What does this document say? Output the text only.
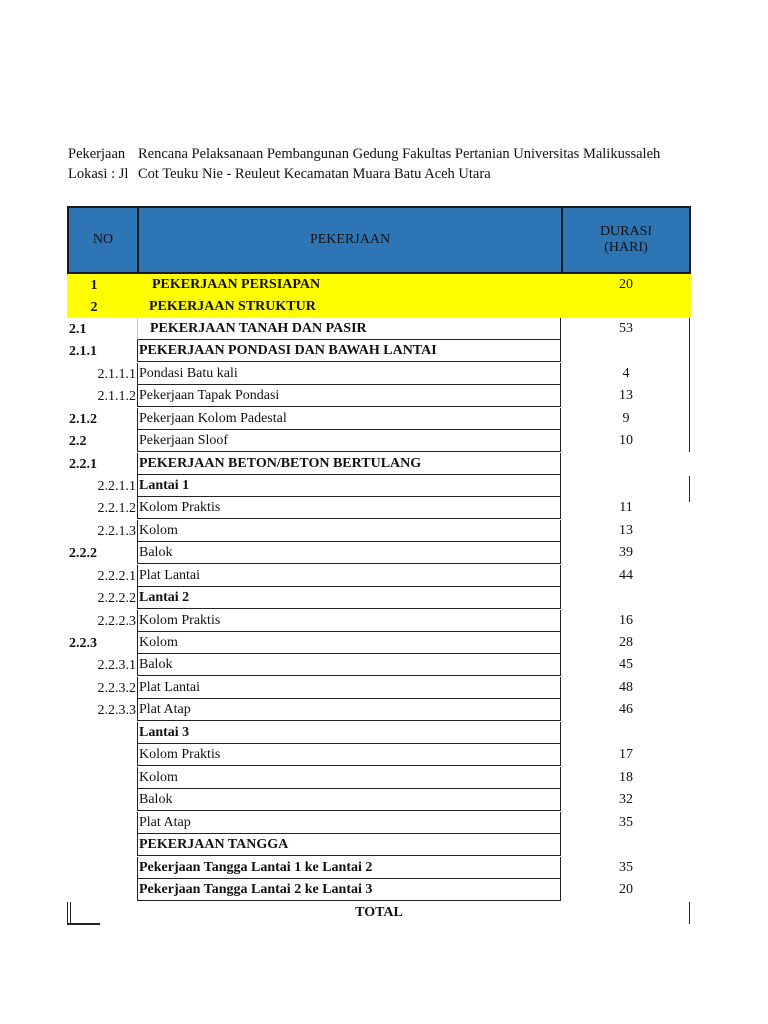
Pekerjaan Rencana Pelaksanaan Pembangunan Gedung Fakultas Pertanian Universitas Malikussaleh
Lokasi : Jl Cot Teuku Nie - Reuleut Kecamatan Muara Batu Aceh Utara
NO	PEKERJAAN
DURASI
(HARI)
1	PEKERJAAN PERSIAPAN	20
2	PEKERJAAN STRUKTUR
2.1	PEKERJAAN TANAH DAN PASIR	53
2.1.1	PEKERJAAN PONDASI DAN BAWAH LANTAI
2.1.1.1 Pondasi Batu kali	4
2.1.1.2 Pekerjaan Tapak Pondasi	13
2.1.2	Pekerjaan Kolom Padestal	9
2.2	Pekerjaan Sloof	10
2.2.1	PEKERJAAN BETON/BETON BERTULANG
2.2.1.1 Lantai 1
2.2.1.2 Kolom Praktis	11
2.2.1.3 Kolom	13
2.2.2	Balok	39
2.2.2.1 Plat Lantai	44
2.2.2.2 Lantai 2
2.2.2.3 Kolom Praktis	16
2.2.3	Kolom	28
2.2.3.1 Balok	45
2.2.3.2 Plat Lantai	48
2.2.3.3 Plat Atap	46
Lantai 3
Kolom Praktis	17
Kolom	18
Balok	32
Plat Atap	35
PEKERJAAN TANGGA
Pekerjaan Tangga Lantai 1 ke Lantai 2	35
Pekerjaan Tangga Lantai 2 ke Lantai 3	20
TOTAL
